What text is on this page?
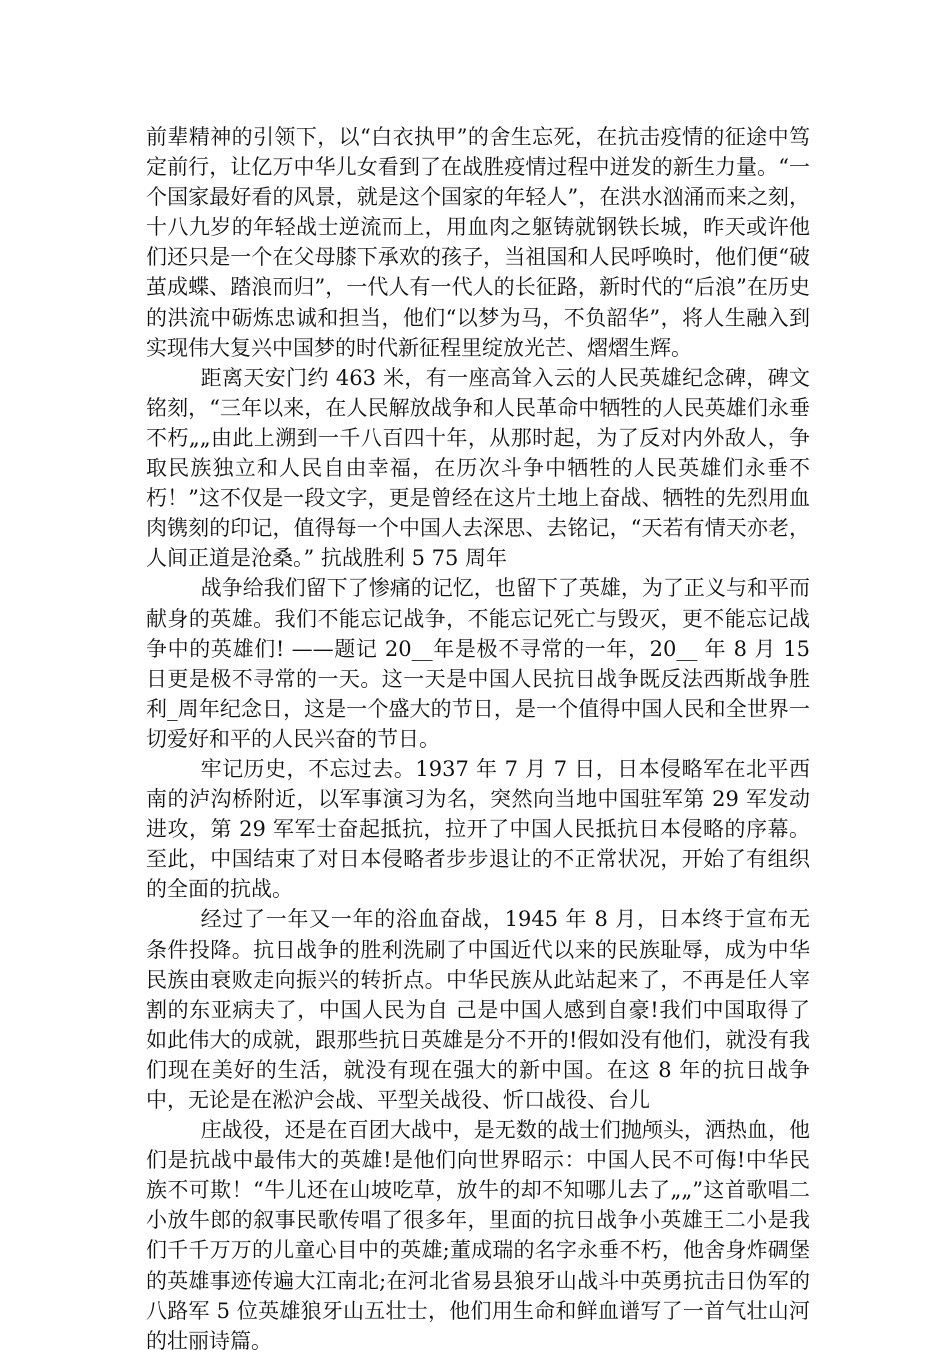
前辈精神的引领下，以“白衣执甲”的舍生忘死，在抗击疫情的征途中笃定前行，让亿万中华儿女看到了在战胜疫情过程中迸发的新生力量。“一个国家最好看的风景，就是这个国家的年轻人”，在洪水汹涌而来之刻，十八九岁的年轻战士逆流而上，用血肉之躯铸就钢铁长城，昨天或许他们还只是一个在父母膝下承欢的孩子，当祖国和人民呼唤时，他们便“破茧成蝶、踏浪而归”，一代人有一代人的长征路，新时代的“后浪”在历史的洪流中砺炼忠诚和担当，他们“以梦为马，不负韶华”，将人生融入到实现伟大复兴中国梦的时代新征程里绽放光芒、熠熠生辉。

距离天安门约 463 米，有一座高耸入云的人民英雄纪念碑，碑文铭刻，“三年以来，在人民解放战争和人民革命中牺牲的人民英雄们永垂不朽„„由此上溯到一千八百四十年，从那时起，为了反对内外敌人，争取民族独立和人民自由幸福，在历次斗争中牺牲的人民英雄们永垂不朽！”这不仅是一段文字，更是曾经在这片土地上奋战、牺牲的先烈用血肉镌刻的印记，值得每一个中国人去深思、去铭记，“天若有情天亦老，人间正道是沧桑。” 抗战胜利 5 75 周年

战争给我们留下了惨痛的记忆，也留下了英雄，为了正义与和平而献身的英雄。我们不能忘记战争，不能忘记死亡与毁灭，更不能忘记战争中的英雄们! ——题记 20__年是极不寻常的一年，20__ 年 8 月 15 日更是极不寻常的一天。这一天是中国人民抗日战争既反法西斯战争胜利_周年纪念日，这是一个盛大的节日，是一个值得中国人民和全世界一切爱好和平的人民兴奋的节日。

牢记历史，不忘过去。1937 年 7 月 7 日，日本侵略军在北平西南的泸沟桥附近，以军事演习为名，突然向当地中国驻军第 29 军发动进攻，第 29 军军士奋起抵抗，拉开了中国人民抵抗日本侵略的序幕。至此，中国结束了对日本侵略者步步退让的不正常状况，开始了有组织的全面的抗战。

经过了一年又一年的浴血奋战，1945 年 8 月，日本终于宣布无条件投降。抗日战争的胜利洗刷了中国近代以来的民族耻辱，成为中华民族由衰败走向振兴的转折点。中华民族从此站起来了，不再是任人宰割的东亚病夫了，中国人民为自 己是中国人感到自豪!我们中国取得了如此伟大的成就，跟那些抗日英雄是分不开的!假如没有他们，就没有我们现在美好的生活，就没有现在强大的新中国。在这 8 年的抗日战争中，无论是在淞沪会战、平型关战役、忻口战役、台儿

庄战役，还是在百团大战中，是无数的战士们抛颅头，洒热血，他们是抗战中最伟大的英雄!是他们向世界昭示：中国人民不可侮!中华民族不可欺！“牛儿还在山坡吃草，放牛的却不知哪儿去了„„”这首歌唱二小放牛郎的叙事民歌传唱了很多年，里面的抗日战争小英雄王二小是我们千千万万的儿童心目中的英雄;董成瑞的名字永垂不朽，他舍身炸碉堡的英雄事迹传遍大江南北;在河北省易县狼牙山战斗中英勇抗击日伪军的八路军 5 位英雄狼牙山五壮士，他们用生命和鲜血谱写了一首气壮山河的壮丽诗篇。
